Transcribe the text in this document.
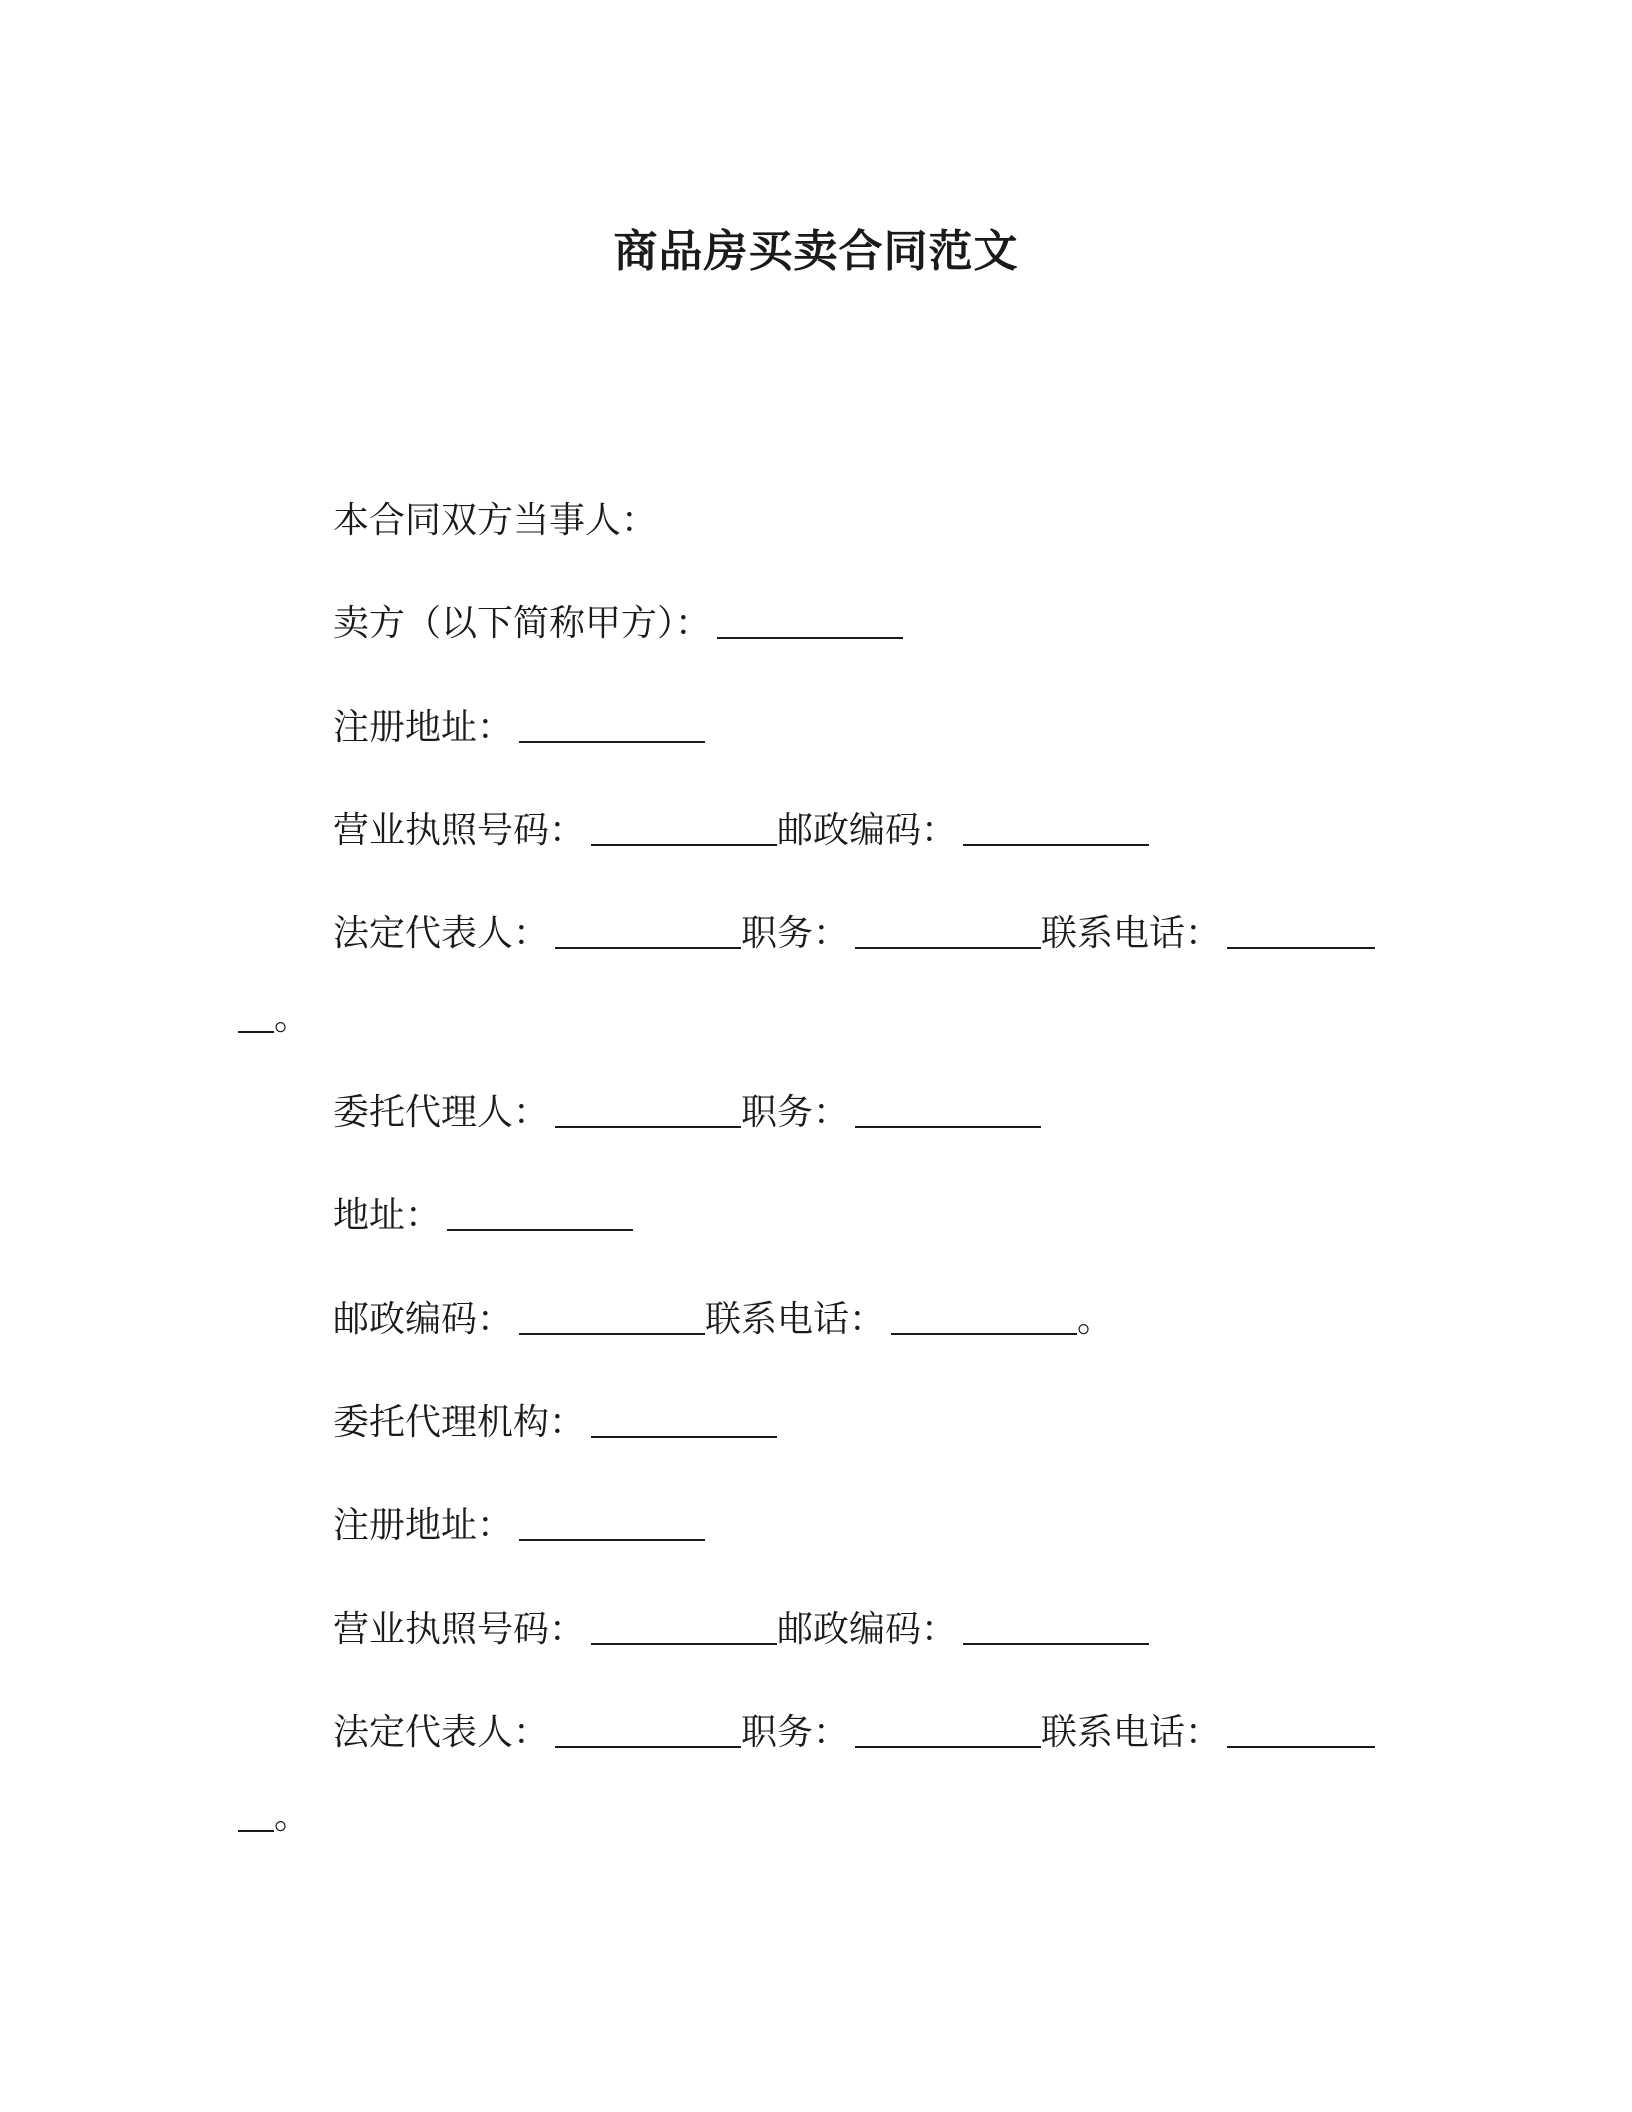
商品房买卖合同范文
本合同双方当事人：
卖方（以下简称甲方）：
注册地址：
营业执照号码：	邮政编码：
法定代表人：	职务：	联系电话：
。
委托代理人：	职务：
地址：
邮政编码：	联系电话：	。
委托代理机构：
注册地址：
营业执照号码：	邮政编码：
法定代表人：	职务：	联系电话：
。
